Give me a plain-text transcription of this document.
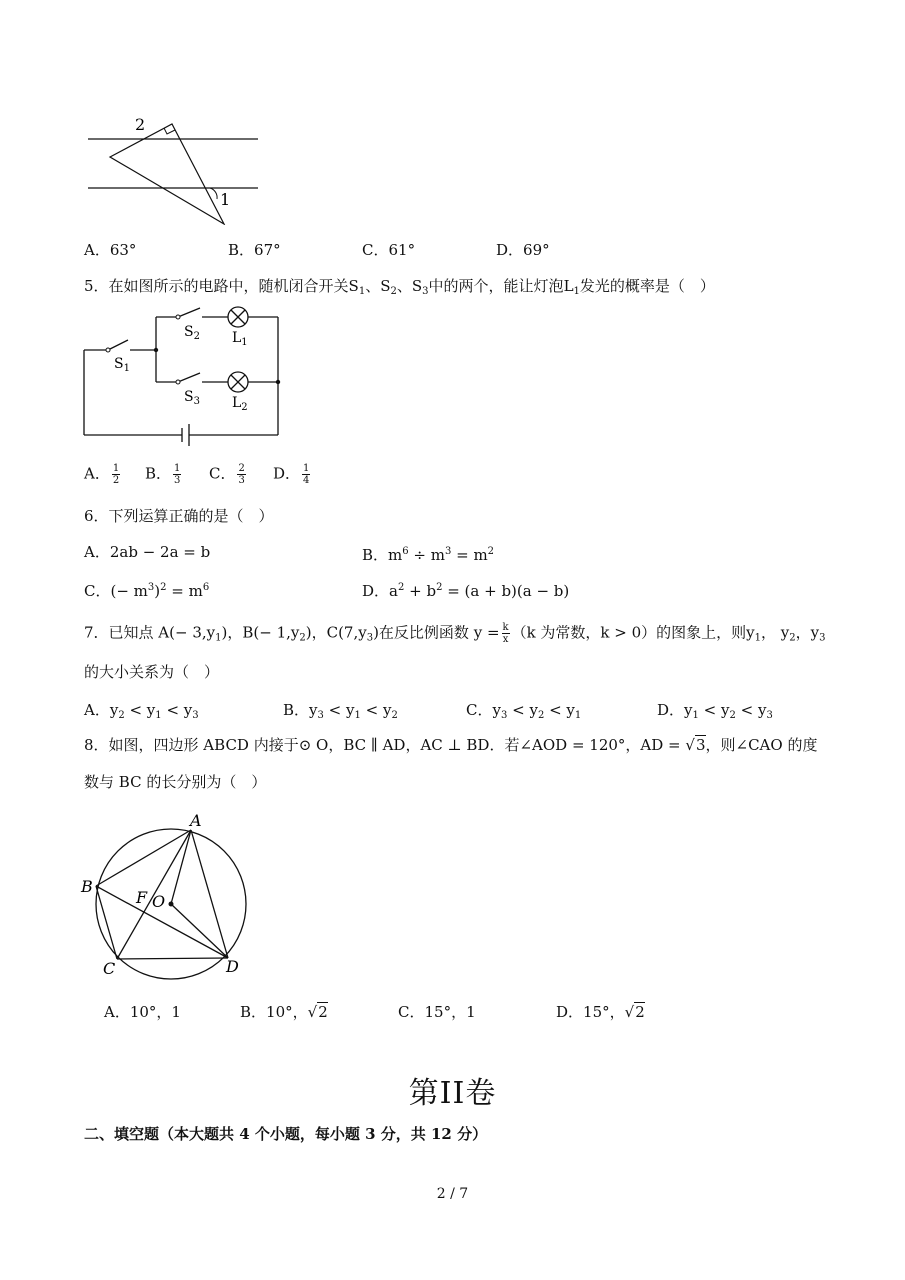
2
1
A．63°	B．67°	C．61°	D．69°
5．在如图所示的电路中，随机闭合开关$S_1$、$S_2$、$S_3$中的两个，能让灯泡$L_1$发光的概率是（　）
$S_1$
$S_2$ $L_1$
$S_3$ $L_2$
A． $\frac{1}{2}$ B． $\frac{1}{3}$ C． $\frac{2}{3}$ D． $\frac{1}{4}$
6．下列运算正确的是（　）
A．2ab − 2a = b	B．$m^6 \div m^3 = m^2$
C．(− $m^3)^2 = m^6$	D．$a^2 + b^2 = (a + b)(a - b)$
7．已知点 $A(- 3,y_1)$，$B(- 1,y_2)$，$C(7,y_3)$在反比例函数 $y = \frac{k}{x} (k$ 为常数，k > 0）的图象上，则$y_1$， $y_2$，$y_3$
的大小关系为（　）
A．$y_2 < y_1 < y_3$	B．$y_3 < y_1 < y_2$	C．$y_3 < y_2 < y_1$	D．$y_1 < y_2 < y_3$
8．如图，四边形 ABCD 内接于⊙ O，BC ∥ AD，AC ⊥ BD．若∠AOD = 120°，AD = √3，则∠CAO 的度
数与 BC 的长分别为（　）
A
B
C	D
F O
A．10°，1	B．10°，√2	C．15°，1	D．15°，√2
第II卷
二、填空题（本大题共 4 个小题，每小题 3 分，共 12 分）
2 / 7
